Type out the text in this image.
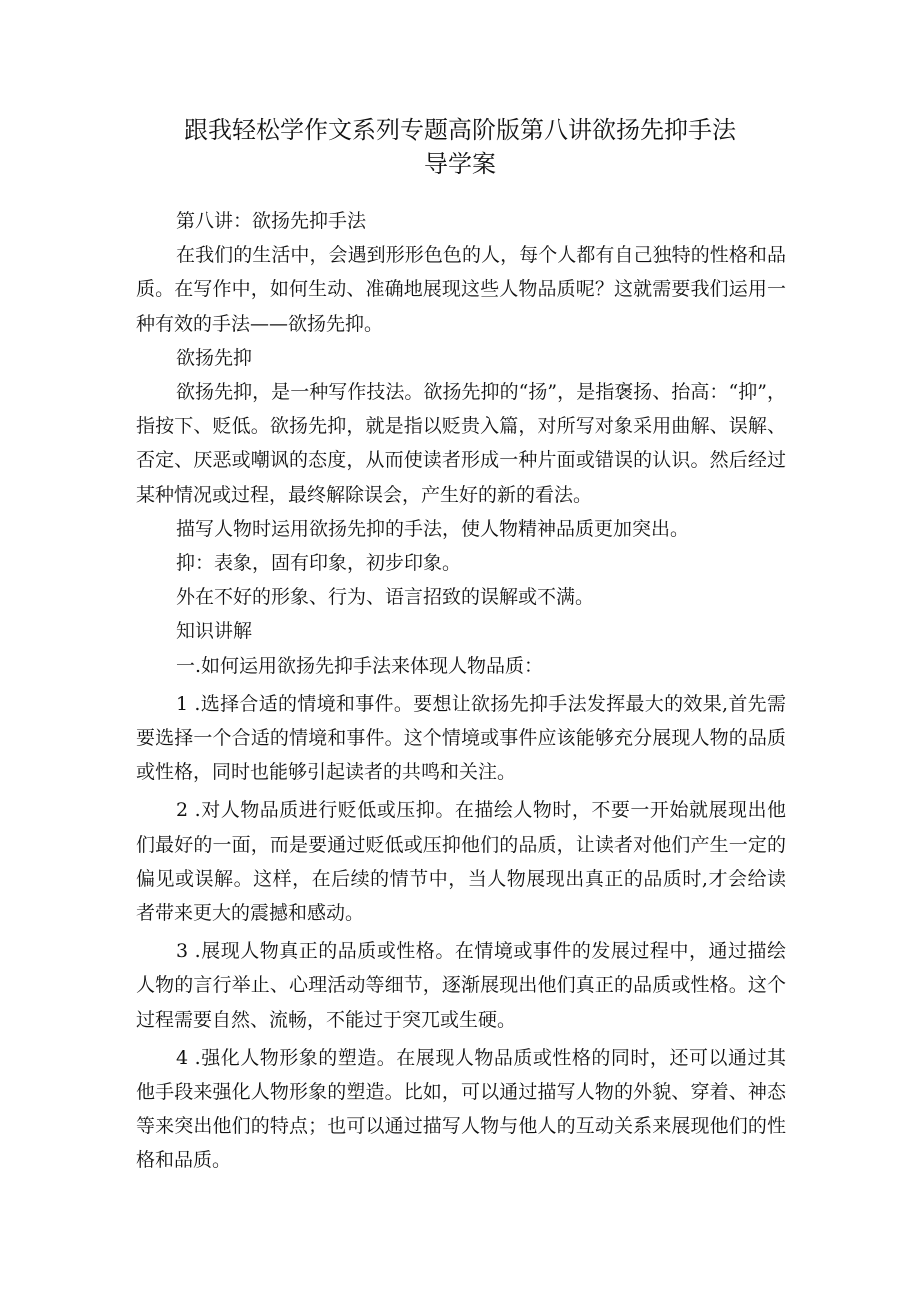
跟我轻松学作文系列专题高阶版第八讲欲扬先抑手法
导学案

第八讲：欲扬先抑手法

在我们的生活中，会遇到形形色色的人，每个人都有自己独特的性格和品质。在写作中，如何生动、准确地展现这些人物品质呢？这就需要我们运用一种有效的手法——欲扬先抑。

欲扬先抑

欲扬先抑，是一种写作技法。欲扬先抑的“扬”，是指褒扬、抬高：“抑”，指按下、贬低。欲扬先抑，就是指以贬贵入篇，对所写对象采用曲解、误解、否定、厌恶或嘲讽的态度，从而使读者形成一种片面或错误的认识。然后经过某种情况或过程，最终解除误会，产生好的新的看法。

描写人物时运用欲扬先抑的手法，使人物精神品质更加突出。

抑：表象，固有印象，初步印象。

外在不好的形象、行为、语言招致的误解或不满。

知识讲解

一.如何运用欲扬先抑手法来体现人物品质：

1 .选择合适的情境和事件。要想让欲扬先抑手法发挥最大的效果,首先需要选择一个合适的情境和事件。这个情境或事件应该能够充分展现人物的品质或性格，同时也能够引起读者的共鸣和关注。

2 .对人物品质进行贬低或压抑。在描绘人物时，不要一开始就展现出他们最好的一面，而是要通过贬低或压抑他们的品质，让读者对他们产生一定的偏见或误解。这样，在后续的情节中，当人物展现出真正的品质时,才会给读者带来更大的震撼和感动。

3 .展现人物真正的品质或性格。在情境或事件的发展过程中，通过描绘人物的言行举止、心理活动等细节，逐渐展现出他们真正的品质或性格。这个过程需要自然、流畅，不能过于突兀或生硬。

4 .强化人物形象的塑造。在展现人物品质或性格的同时，还可以通过其他手段来强化人物形象的塑造。比如，可以通过描写人物的外貌、穿着、神态等来突出他们的特点；也可以通过描写人物与他人的互动关系来展现他们的性格和品质。
